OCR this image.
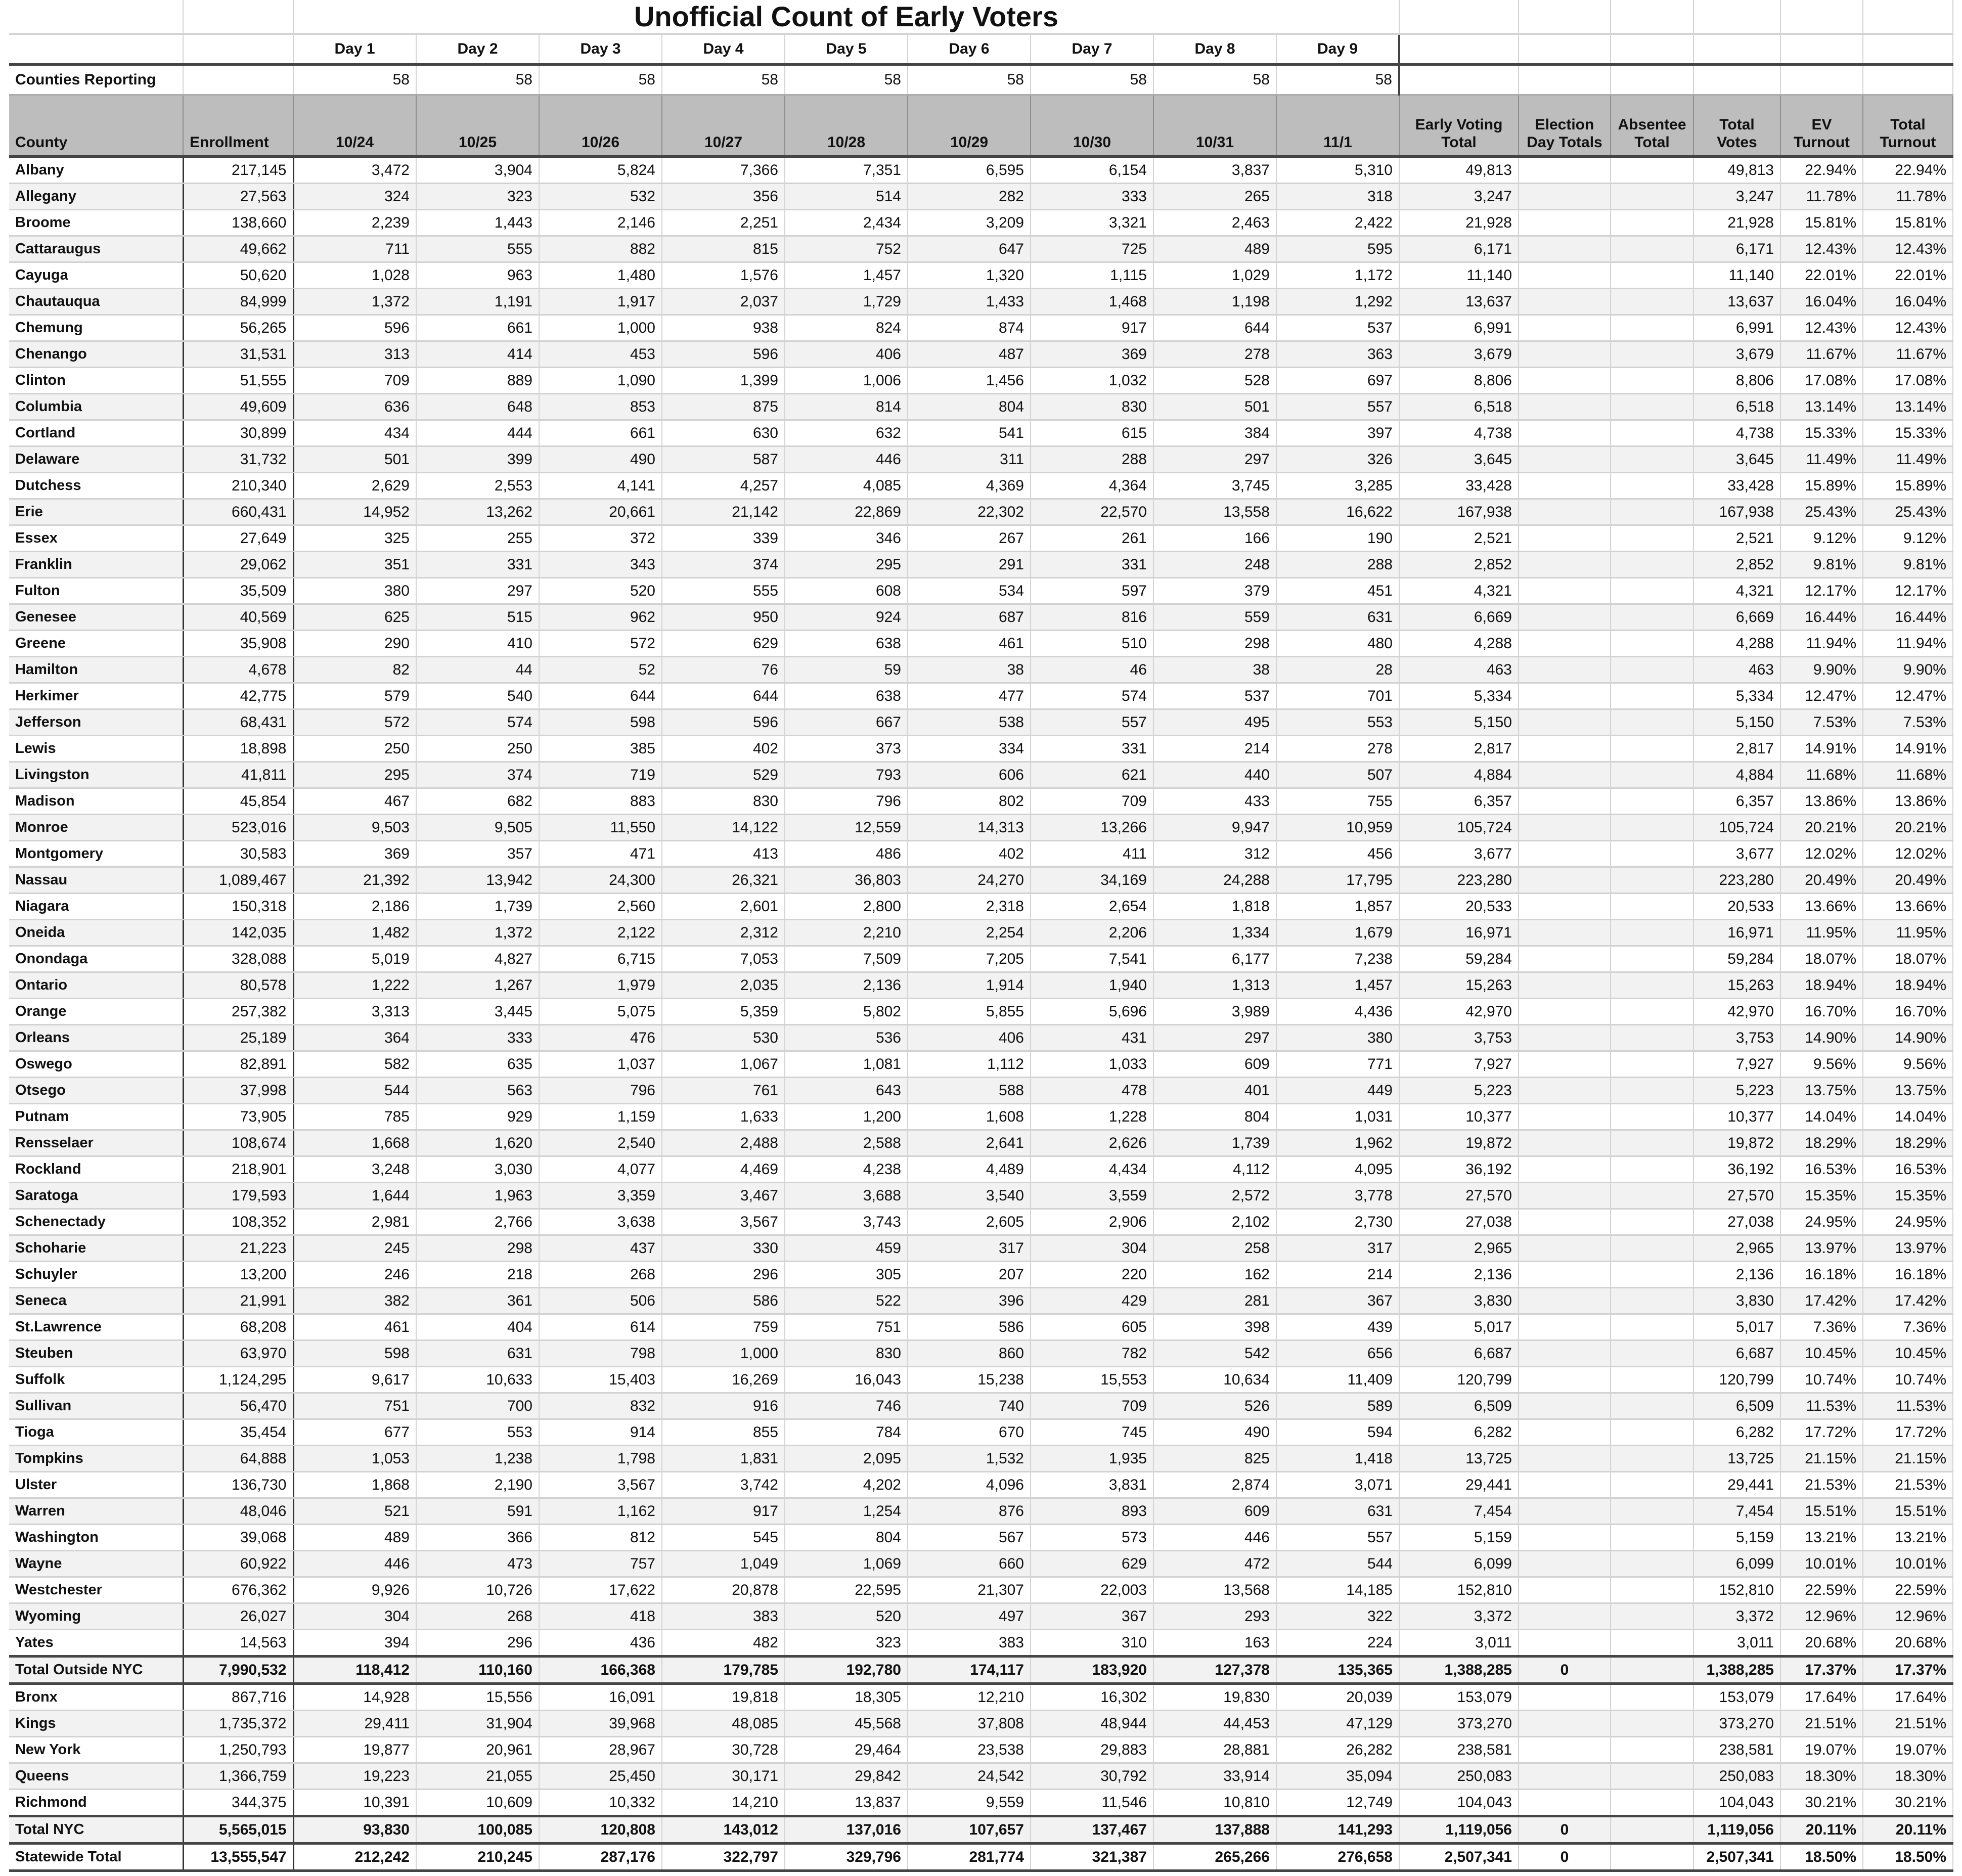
		Unofficial Count of Early Voters														
		Day 1	Day 2	Day 3	Day 4	Day 5	Day 6	Day 7	Day 8	Day 9						
Counties Reporting		58	58	58	58	58	58	58	58	58						
County	Enrollment	10/24	10/25	10/26	10/27	10/28	10/29	10/30	10/31	11/1	Early Voting Total	Election Day Totals	Absentee Total	Total Votes	EV Turnout	Total Turnout
Albany	217,145	3,472	3,904	5,824	7,366	7,351	6,595	6,154	3,837	5,310	49,813			49,813	22.94%	22.94%
Allegany	27,563	324	323	532	356	514	282	333	265	318	3,247			3,247	11.78%	11.78%
Broome	138,660	2,239	1,443	2,146	2,251	2,434	3,209	3,321	2,463	2,422	21,928			21,928	15.81%	15.81%
Cattaraugus	49,662	711	555	882	815	752	647	725	489	595	6,171			6,171	12.43%	12.43%
Cayuga	50,620	1,028	963	1,480	1,576	1,457	1,320	1,115	1,029	1,172	11,140			11,140	22.01%	22.01%
Chautauqua	84,999	1,372	1,191	1,917	2,037	1,729	1,433	1,468	1,198	1,292	13,637			13,637	16.04%	16.04%
Chemung	56,265	596	661	1,000	938	824	874	917	644	537	6,991			6,991	12.43%	12.43%
Chenango	31,531	313	414	453	596	406	487	369	278	363	3,679			3,679	11.67%	11.67%
Clinton	51,555	709	889	1,090	1,399	1,006	1,456	1,032	528	697	8,806			8,806	17.08%	17.08%
Columbia	49,609	636	648	853	875	814	804	830	501	557	6,518			6,518	13.14%	13.14%
Cortland	30,899	434	444	661	630	632	541	615	384	397	4,738			4,738	15.33%	15.33%
Delaware	31,732	501	399	490	587	446	311	288	297	326	3,645			3,645	11.49%	11.49%
Dutchess	210,340	2,629	2,553	4,141	4,257	4,085	4,369	4,364	3,745	3,285	33,428			33,428	15.89%	15.89%
Erie	660,431	14,952	13,262	20,661	21,142	22,869	22,302	22,570	13,558	16,622	167,938			167,938	25.43%	25.43%
Essex	27,649	325	255	372	339	346	267	261	166	190	2,521			2,521	9.12%	9.12%
Franklin	29,062	351	331	343	374	295	291	331	248	288	2,852			2,852	9.81%	9.81%
Fulton	35,509	380	297	520	555	608	534	597	379	451	4,321			4,321	12.17%	12.17%
Genesee	40,569	625	515	962	950	924	687	816	559	631	6,669			6,669	16.44%	16.44%
Greene	35,908	290	410	572	629	638	461	510	298	480	4,288			4,288	11.94%	11.94%
Hamilton	4,678	82	44	52	76	59	38	46	38	28	463			463	9.90%	9.90%
Herkimer	42,775	579	540	644	644	638	477	574	537	701	5,334			5,334	12.47%	12.47%
Jefferson	68,431	572	574	598	596	667	538	557	495	553	5,150			5,150	7.53%	7.53%
Lewis	18,898	250	250	385	402	373	334	331	214	278	2,817			2,817	14.91%	14.91%
Livingston	41,811	295	374	719	529	793	606	621	440	507	4,884			4,884	11.68%	11.68%
Madison	45,854	467	682	883	830	796	802	709	433	755	6,357			6,357	13.86%	13.86%
Monroe	523,016	9,503	9,505	11,550	14,122	12,559	14,313	13,266	9,947	10,959	105,724			105,724	20.21%	20.21%
Montgomery	30,583	369	357	471	413	486	402	411	312	456	3,677			3,677	12.02%	12.02%
Nassau	1,089,467	21,392	13,942	24,300	26,321	36,803	24,270	34,169	24,288	17,795	223,280			223,280	20.49%	20.49%
Niagara	150,318	2,186	1,739	2,560	2,601	2,800	2,318	2,654	1,818	1,857	20,533			20,533	13.66%	13.66%
Oneida	142,035	1,482	1,372	2,122	2,312	2,210	2,254	2,206	1,334	1,679	16,971			16,971	11.95%	11.95%
Onondaga	328,088	5,019	4,827	6,715	7,053	7,509	7,205	7,541	6,177	7,238	59,284			59,284	18.07%	18.07%
Ontario	80,578	1,222	1,267	1,979	2,035	2,136	1,914	1,940	1,313	1,457	15,263			15,263	18.94%	18.94%
Orange	257,382	3,313	3,445	5,075	5,359	5,802	5,855	5,696	3,989	4,436	42,970			42,970	16.70%	16.70%
Orleans	25,189	364	333	476	530	536	406	431	297	380	3,753			3,753	14.90%	14.90%
Oswego	82,891	582	635	1,037	1,067	1,081	1,112	1,033	609	771	7,927			7,927	9.56%	9.56%
Otsego	37,998	544	563	796	761	643	588	478	401	449	5,223			5,223	13.75%	13.75%
Putnam	73,905	785	929	1,159	1,633	1,200	1,608	1,228	804	1,031	10,377			10,377	14.04%	14.04%
Rensselaer	108,674	1,668	1,620	2,540	2,488	2,588	2,641	2,626	1,739	1,962	19,872			19,872	18.29%	18.29%
Rockland	218,901	3,248	3,030	4,077	4,469	4,238	4,489	4,434	4,112	4,095	36,192			36,192	16.53%	16.53%
Saratoga	179,593	1,644	1,963	3,359	3,467	3,688	3,540	3,559	2,572	3,778	27,570			27,570	15.35%	15.35%
Schenectady	108,352	2,981	2,766	3,638	3,567	3,743	2,605	2,906	2,102	2,730	27,038			27,038	24.95%	24.95%
Schoharie	21,223	245	298	437	330	459	317	304	258	317	2,965			2,965	13.97%	13.97%
Schuyler	13,200	246	218	268	296	305	207	220	162	214	2,136			2,136	16.18%	16.18%
Seneca	21,991	382	361	506	586	522	396	429	281	367	3,830			3,830	17.42%	17.42%
St.Lawrence	68,208	461	404	614	759	751	586	605	398	439	5,017			5,017	7.36%	7.36%
Steuben	63,970	598	631	798	1,000	830	860	782	542	656	6,687			6,687	10.45%	10.45%
Suffolk	1,124,295	9,617	10,633	15,403	16,269	16,043	15,238	15,553	10,634	11,409	120,799			120,799	10.74%	10.74%
Sullivan	56,470	751	700	832	916	746	740	709	526	589	6,509			6,509	11.53%	11.53%
Tioga	35,454	677	553	914	855	784	670	745	490	594	6,282			6,282	17.72%	17.72%
Tompkins	64,888	1,053	1,238	1,798	1,831	2,095	1,532	1,935	825	1,418	13,725			13,725	21.15%	21.15%
Ulster	136,730	1,868	2,190	3,567	3,742	4,202	4,096	3,831	2,874	3,071	29,441			29,441	21.53%	21.53%
Warren	48,046	521	591	1,162	917	1,254	876	893	609	631	7,454			7,454	15.51%	15.51%
Washington	39,068	489	366	812	545	804	567	573	446	557	5,159			5,159	13.21%	13.21%
Wayne	60,922	446	473	757	1,049	1,069	660	629	472	544	6,099			6,099	10.01%	10.01%
Westchester	676,362	9,926	10,726	17,622	20,878	22,595	21,307	22,003	13,568	14,185	152,810			152,810	22.59%	22.59%
Wyoming	26,027	304	268	418	383	520	497	367	293	322	3,372			3,372	12.96%	12.96%
Yates	14,563	394	296	436	482	323	383	310	163	224	3,011			3,011	20.68%	20.68%
Total Outside NYC	7,990,532	118,412	110,160	166,368	179,785	192,780	174,117	183,920	127,378	135,365	1,388,285	0		1,388,285	17.37%	17.37%
Bronx	867,716	14,928	15,556	16,091	19,818	18,305	12,210	16,302	19,830	20,039	153,079			153,079	17.64%	17.64%
Kings	1,735,372	29,411	31,904	39,968	48,085	45,568	37,808	48,944	44,453	47,129	373,270			373,270	21.51%	21.51%
New York	1,250,793	19,877	20,961	28,967	30,728	29,464	23,538	29,883	28,881	26,282	238,581			238,581	19.07%	19.07%
Queens	1,366,759	19,223	21,055	25,450	30,171	29,842	24,542	30,792	33,914	35,094	250,083			250,083	18.30%	18.30%
Richmond	344,375	10,391	10,609	10,332	14,210	13,837	9,559	11,546	10,810	12,749	104,043			104,043	30.21%	30.21%
Total NYC	5,565,015	93,830	100,085	120,808	143,012	137,016	107,657	137,467	137,888	141,293	1,119,056	0		1,119,056	20.11%	20.11%
Statewide Total	13,555,547	212,242	210,245	287,176	322,797	329,796	281,774	321,387	265,266	276,658	2,507,341	0		2,507,341	18.50%	18.50%
